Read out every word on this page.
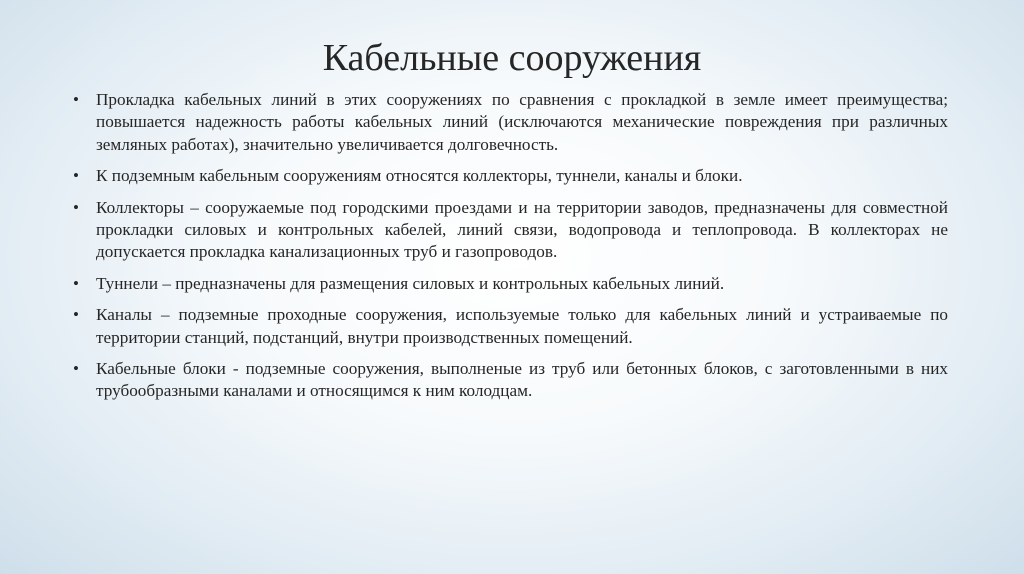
Кабельные сооружения
• Прокладка кабельных линий в этих сооружениях по сравнения с прокладкой в земле имеет преимущества; повышается надежность работы кабельных линий (исключаются механические повреждения при различных земляных работах), значительно увеличивается долговечность.
• К подземным кабельным сооружениям относятся коллекторы, туннели, каналы и блоки.
• Коллекторы – сооружаемые под городскими проездами и на территории заводов, предназначены для совместной прокладки силовых и контрольных кабелей, линий связи, водопровода и теплопровода. В коллекторах не допускается прокладка канализационных труб и газопроводов.
• Туннели – предназначены для размещения силовых и контрольных кабельных линий.
• Каналы – подземные проходные сооружения, используемые только для кабельных линий и устраиваемые по территории станций, подстанций, внутри производственных помещений.
• Кабельные блоки - подземные сооружения, выполненые из труб или бетонных блоков, с заготовленными в них трубообразными каналами и относящимся к ним колодцам.
